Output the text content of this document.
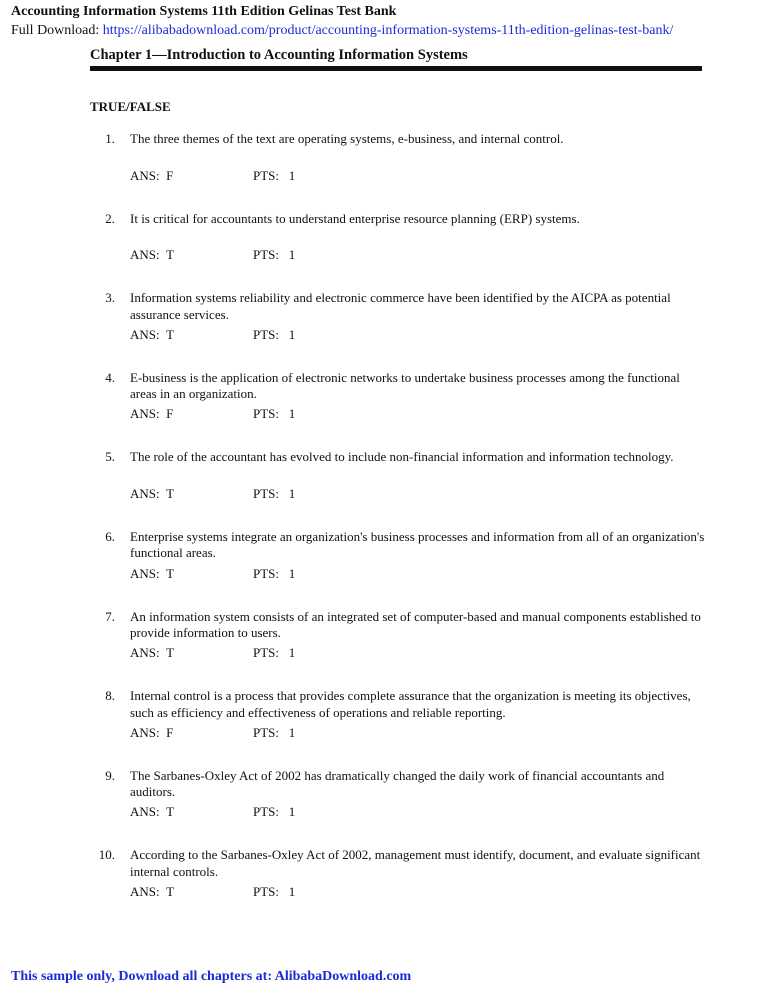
Accounting Information Systems 11th Edition Gelinas Test Bank
Full Download: https://alibabadownload.com/product/accounting-information-systems-11th-edition-gelinas-test-bank/
Chapter 1—Introduction to Accounting Information Systems
TRUE/FALSE
1. The three themes of the text are operating systems, e-business, and internal control.
ANS: F	PTS: 1
2. It is critical for accountants to understand enterprise resource planning (ERP) systems.
ANS: T	PTS: 1
3. Information systems reliability and electronic commerce have been identified by the AICPA as potential assurance services.
ANS: T	PTS: 1
4. E-business is the application of electronic networks to undertake business processes among the functional areas in an organization.
ANS: F	PTS: 1
5. The role of the accountant has evolved to include non-financial information and information technology.
ANS: T	PTS: 1
6. Enterprise systems integrate an organization's business processes and information from all of an organization's functional areas.
ANS: T	PTS: 1
7. An information system consists of an integrated set of computer-based and manual components established to provide information to users.
ANS: T	PTS: 1
8. Internal control is a process that provides complete assurance that the organization is meeting its objectives, such as efficiency and effectiveness of operations and reliable reporting.
ANS: F	PTS: 1
9. The Sarbanes-Oxley Act of 2002 has dramatically changed the daily work of financial accountants and auditors.
ANS: T	PTS: 1
10. According to the Sarbanes-Oxley Act of 2002, management must identify, document, and evaluate significant internal controls.
ANS: T	PTS: 1
This sample only, Download all chapters at: AlibabaDownload.com
